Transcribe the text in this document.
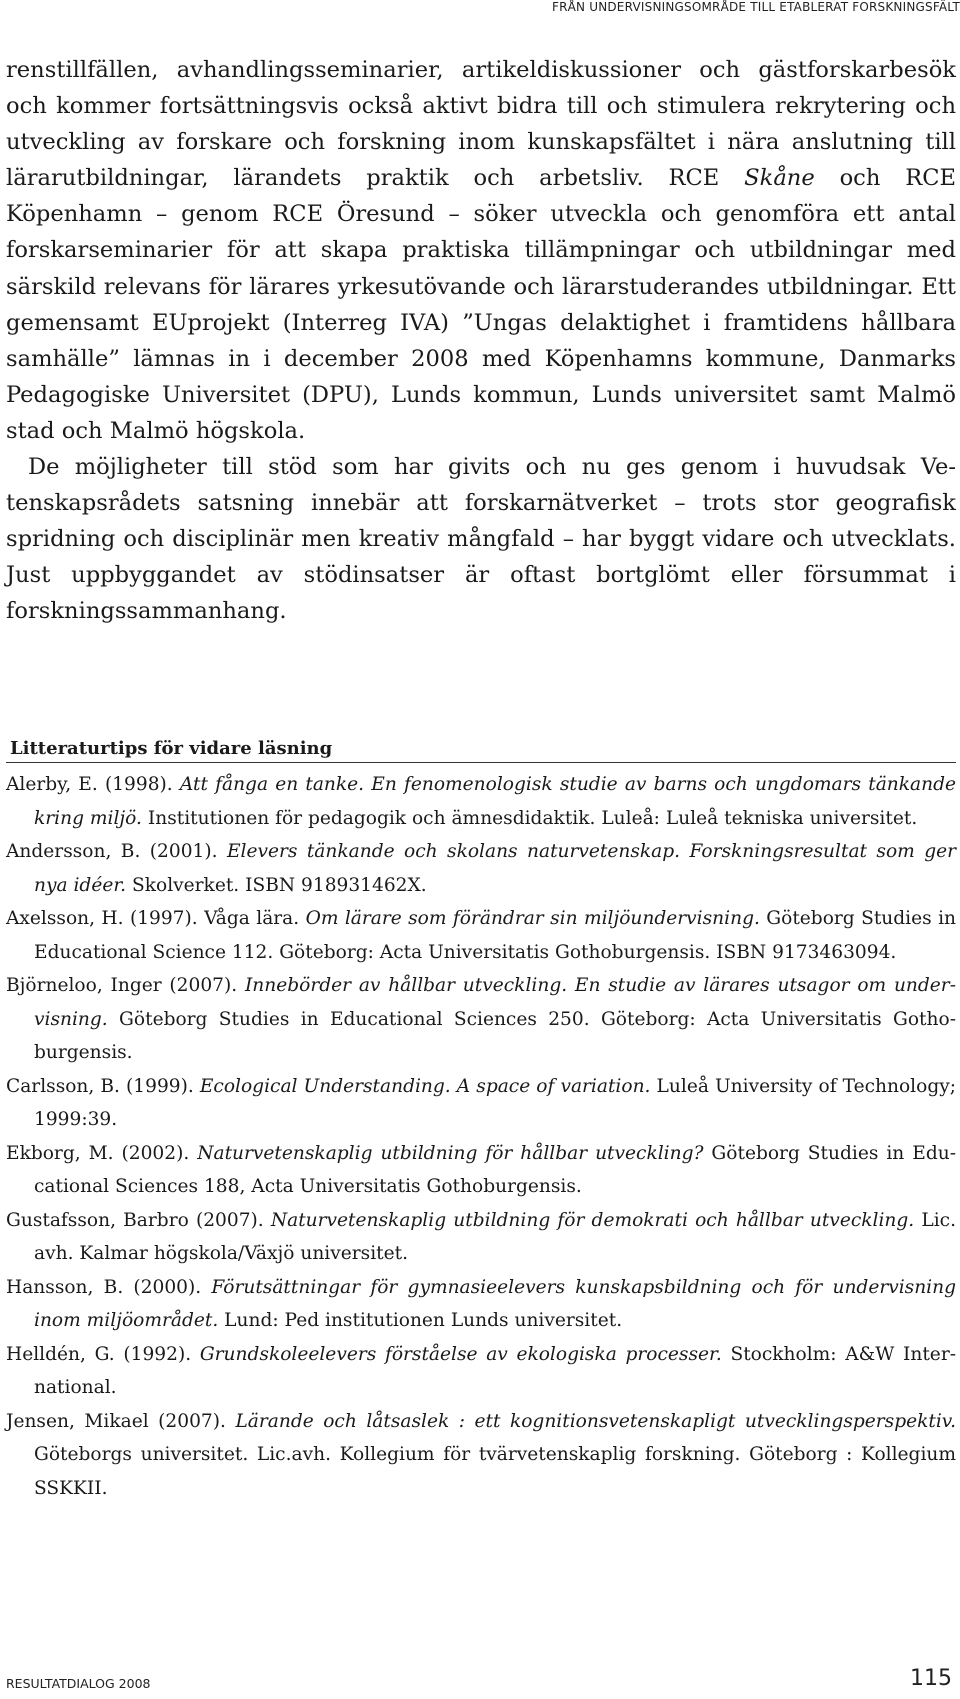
FRÅN UNDERVISNINGSOMRÅDE TILL ETABLERAT FORSKNINGSFÄLT

renstillfällen, avhandlingsseminarier, artikeldiskussioner och gästforskarbesök och kommer fortsättningsvis också aktivt bidra till och stimulera rekrytering och utveckling av forskare och forskning inom kunskapsfältet i nära anslutning till lärarutbildningar, lärandets praktik och arbetsliv. RCE Skåne och RCE Köpenhamn – genom RCE Öresund – söker utveckla och genomföra ett antal forskarseminarier för att skapa praktiska tillämpningar och utbildningar med särskild relevans för lärares yrkesutövande och lärarstuderandes utbildningar. Ett gemensamt EUprojekt (Interreg IVA) ”Ungas delaktighet i framtidens hållbara samhälle” lämnas in i december 2008 med Köpenhamns kommune, Danmarks Pedagogiske Universitet (DPU), Lunds kommun, Lunds universitet samt Malmö stad och Malmö högskola.

De möjligheter till stöd som har givits och nu ges genom i huvudsak Vetenskapsrådets satsning innebär att forskarnätverket – trots stor geografisk spridning och disciplinär men kreativ mångfald – har byggt vidare och utvecklats. Just uppbyggandet av stödinsatser är oftast bortglömt eller försummat i forskningssammanhang.

Litteraturtips för vidare läsning
Alerby, E. (1998). Att fånga en tanke. En fenomenologisk studie av barns och ungdomars tänkande kring miljö. Institutionen för pedagogik och ämnesdidaktik. Luleå: Luleå tekniska universitet.
Andersson, B. (2001). Elevers tänkande och skolans naturvetenskap. Forskningsresultat som ger nya idéer. Skolverket. ISBN 918931462X.
Axelsson, H. (1997). Våga lära. Om lärare som förändrar sin miljöundervisning. Göteborg Studies in Educational Science 112. Göteborg: Acta Universitatis Gothoburgensis. ISBN 9173463094.
Björneloo, Inger (2007). Innebörder av hållbar utveckling. En studie av lärares utsagor om undervisning. Göteborg Studies in Educational Sciences 250. Göteborg: Acta Universitatis Gothoburgensis.
Carlsson, B. (1999). Ecological Understanding. A space of variation. Luleå University of Technology; 1999:39.
Ekborg, M. (2002). Naturvetenskaplig utbildning för hållbar utveckling? Göteborg Studies in Educational Sciences 188, Acta Universitatis Gothoburgensis.
Gustafsson, Barbro (2007). Naturvetenskaplig utbildning för demokrati och hållbar utveckling. Lic. avh. Kalmar högskola/Växjö universitet.
Hansson, B. (2000). Förutsättningar för gymnasieelevers kunskapsbildning och för undervisning inom miljöområdet. Lund: Ped institutionen Lunds universitet.
Helldén, G. (1992). Grundskoleelevers förståelse av ekologiska processer. Stockholm: A&W International.
Jensen, Mikael (2007). Lärande och låtsaslek : ett kognitionsvetenskapligt utvecklingsperspektiv. Göteborgs universitet. Lic.avh. Kollegium för tvärvetenskaplig forskning. Göteborg : Kollegium SSKKII.
RESULTATDIALOG 2008	115
